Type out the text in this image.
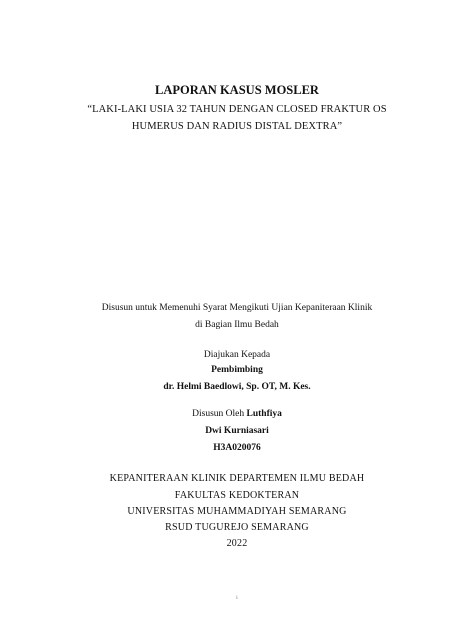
LAPORAN KASUS MOSLER
“LAKI-LAKI USIA 32 TAHUN DENGAN CLOSED FRAKTUR OS
HUMERUS DAN RADIUS DISTAL DEXTRA”
Disusun untuk Memenuhi Syarat Mengikuti Ujian Kepaniteraan Klinik
di Bagian Ilmu Bedah
Diajukan Kepada
Pembimbing
dr. Helmi Baedlowi, Sp. OT, M. Kes.
Disusun Oleh Luthfiya
Dwi Kurniasari
H3A020076
KEPANITERAAN KLINIK DEPARTEMEN ILMU BEDAH
FAKULTAS KEDOKTERAN
UNIVERSITAS MUHAMMADIYAH SEMARANG
RSUD TUGUREJO SEMARANG
2022
i
